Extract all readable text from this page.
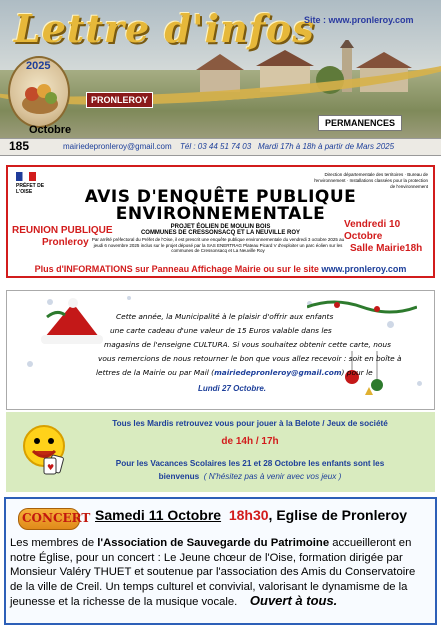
Lettre d'infos
Site : www.pronleroy.com
2025
Octobre
PRONLEROY
PERMANENCES
185	mairiedepronleroy@gmail.com Tél : 03 44 51 74 03 Mardi 17h à 18h à partir de Mars 2025
PRÉFET DE L'OISE
Direction départementale des territoires · Bureau de l'environnement · Installations classées pour la protection de l'environnement
AVIS D'ENQUÊTE PUBLIQUE
ENVIRONNEMENTALE
PROJET ÉOLIEN DE MOULIN BOIS
COMMUNES DE CRESSONSACQ ET LA NEUVILLE ROY
Par arrêté préfectoral du Préfet de l'Oise, il est prescrit une enquête publique environnementale du vendredi 3 octobre 2025 au jeudi 6 novembre 2025 inclus sur le projet déposé par la SAS ENERTRAG Plateau Picard V d'exploiter un parc éolien sur les communes de Cressonsacq et La Neuville Roy
REUNION PUBLIQUE
Pronleroy
Vendredi 10 Octobre
Salle Mairie18h
Plus d'INFORMATIONS sur Panneau Affichage Mairie ou sur le site www.pronleroy.com
Cette année, la Municipalité à le plaisir d'offrir aux enfants
une carte cadeau d'une valeur de 15 Euros valable dans les
magasins de l'enseigne CULTURA. Si vous souhaitez obtenir cette carte, nous
vous remercions de nous retourner le bon que vous allez recevoir : soit en boîte à
lettres de la Mairie ou par Mail (mairiedepronleroy@gmail.com) pour le
Lundi 27 Octobre.
♥
Tous les Mardis retrouvez vous pour jouer à la Belote / Jeux de société
de 14h / 17h
Pour les Vacances Scolaires les 21 et 28 Octobre les enfants sont les
bienvenus ( N'hésitez pas à venir avec vos jeux )
CONCERT Samedi 11 Octobre 18h30, Eglise de Pronleroy
Les membres de l'Association de Sauvegarde du Patrimoine accueilleront en notre Église, pour un concert : Le Jeune chœur de l'Oise, formation dirigée par Monsieur Valéry THUET et soutenue par l'association des Amis du Conservatoire de la ville de Creil. Un temps culturel et convivial, valorisant le dynamisme de la jeunesse et la richesse de la musique vocale. Ouvert à tous.
